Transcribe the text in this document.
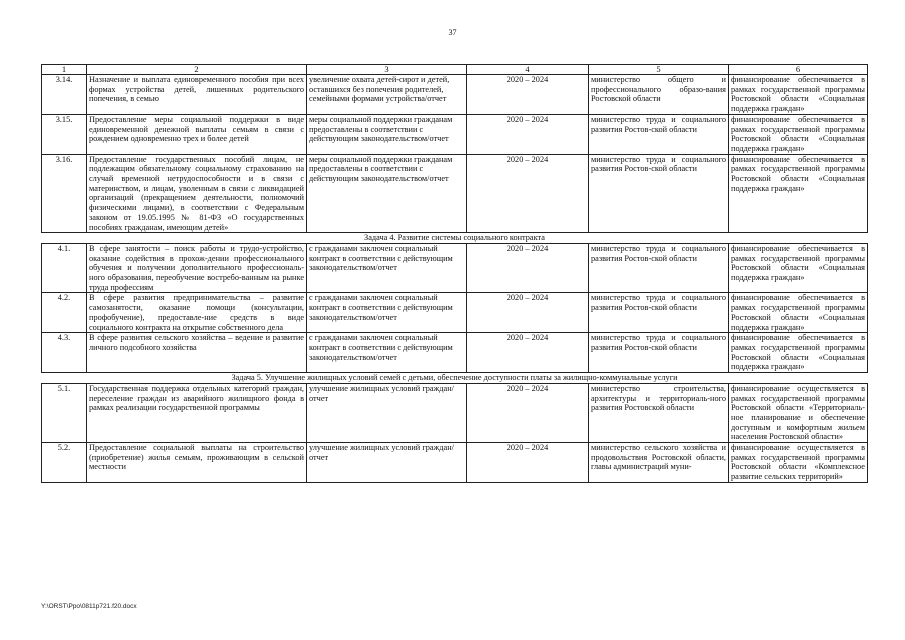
37
1	2	3	4	5	6
3.14.	Назначение и выплата единовременного пособия при всех формах устройства детей, лишенных родительского попечения, в семью	увеличение охвата детей-сирот и детей, оставшихся без попечения родителей, семейными формами устройства/отчет	2020 – 2024	министерство общего и профессионального образо-вания Ростовской области	финансирование обеспечивается в рамках государственной программы Ростовской области «Социальная поддержка граждан»
3.15.	Предоставление меры социальной поддержки в виде единовременной денежной выплаты семьям в связи с рождением одновременно трех и более детей	меры социальной поддержки гражданам предоставлены в соответствии с действующим законодательством/отчет	2020 – 2024	министерство труда и социального развития Ростов-ской области	финансирование обеспечивается в рамках государственной программы Ростовской области «Социальная поддержка граждан»
3.16.	Предоставление государственных пособий лицам, не подлежащим обязательному социальному страхованию на случай временной нетрудоспособности и в связи с материнством, и лицам, уволенным в связи с ликвидацией организаций (прекращением деятельности, полномочий физическими лицами), в соответствии с Федеральным законом от 19.05.1995 № 81-ФЗ «О государственных пособиях гражданам, имеющим детей»	меры социальной поддержки гражданам предоставлены в соответствии с действующим законодательством/отчет	2020 – 2024	министерство труда и социального развития Ростов-ской области	финансирование обеспечивается в рамках государственной программы Ростовской области «Социальная поддержка граждан»
Задача 4. Развитие системы социального контракта					
4.1.	В сфере занятости – поиск работы и трудо-устройство, оказание содействия в прохож-дении профессионального обучения и получении дополнительного профессиональ-ного образования, переобучение востребо-ванным на рынке труда профессиям	с гражданами заключен социальный контракт в соответствии с действующим законодательством/отчет	2020 – 2024	министерство труда и социального развития Ростов-ской области	финансирование обеспечивается в рамках государственной программы Ростовской области «Социальная поддержка граждан»
4.2.	В сфере развития предпринимательства – развитие самозанятости, оказание помощи (консультации, профобучение), предоставле-ние средств в виде социального контракта на открытие собственного дела	с гражданами заключен социальный контракт в соответствии с действующим законодательством/отчет	2020 – 2024	министерство труда и социального развития Ростов-ской области	финансирование обеспечивается в рамках государственной программы Ростовской области «Социальная поддержка граждан»
4.3.	В сфере развития сельского хозяйства – ведение и развитие личного подсобного хозяйства	с гражданами заключен социальный контракт в соответствии с действующим законодательством/отчет	2020 – 2024	министерство труда и социального развития Ростов-ской области	финансирование обеспечивается в рамках государственной программы Ростовской области «Социальная поддержка граждан»
Задача 5. Улучшение жилищных условий семей с детьми, обеспечение доступности платы за жилищно-коммунальные услуги					
5.1.	Государственная поддержка отдельных категорий граждан, переселение граждан из аварийного жилищного фонда в рамках реализации государственной программы	улучшение жилищных условий граждан/отчет	2020 – 2024	министерство строительства, архитектуры и территориаль-ного развития Ростовской области	финансирование осуществляется в рамках государственной программы Ростовской области «Территориаль-ное планирование и обеспечение доступным и комфортным жильем населения Ростовской области»
5.2.	Предоставление социальной выплаты на строительство (приобретение) жилья семьям, проживающим в сельской местности	улучшение жилищных условий граждан/отчет	2020 – 2024	министерство сельского хозяйства и продовольствия Ростовской области, главы администраций муни-	финансирование осуществляется в рамках государственной программы Ростовской области «Комплексное развитие сельских территорий»
Y:\ORST\Ppo\0811p721.f20.docx
